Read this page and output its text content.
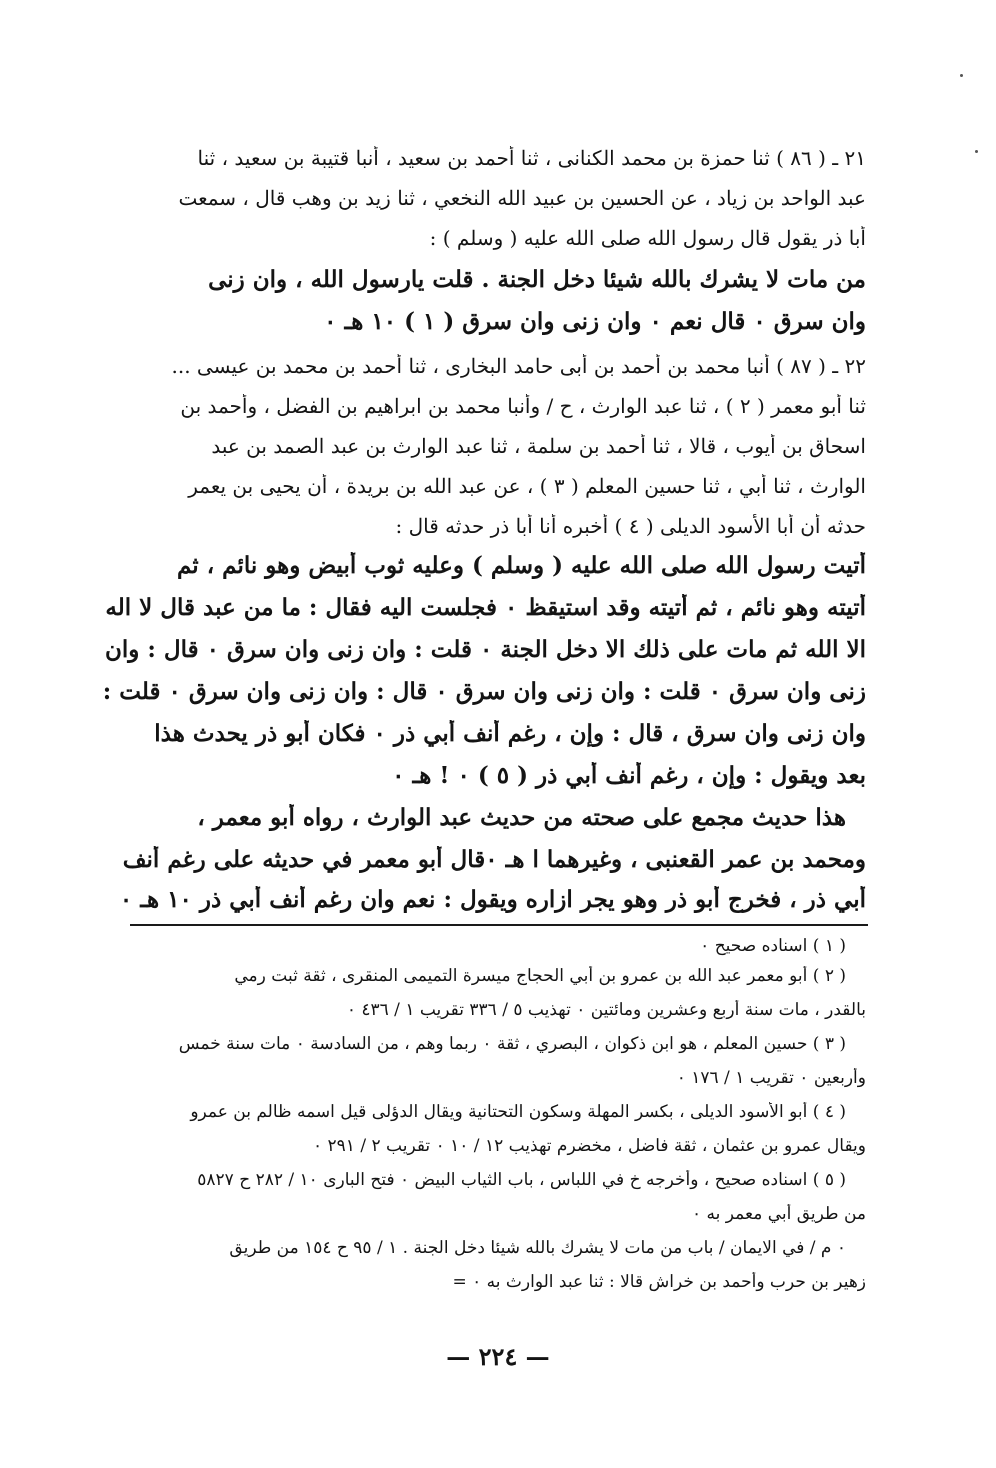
٢١ ـ ( ٨٦ ) ثنا حمزة بن محمد الكنانى ، ثنا أحمد بن سعيد ، أنبا قتيبة بن سعيد ، ثنا
عبد الواحد بن زياد ، عن الحسين بن عبيد الله النخعي ، ثنا زيد بن وهب قال ، سمعت
أبا ذر يقول قال رسول الله صلى الله عليه ( وسلم ) :
من مات لا يشرك بالله شيئا دخل الجنة . قلت يارسول الله ، وان زنى
وان سرق ٠ قال نعم ٠ وان زنى وان سرق ( ١ ) ١٠ هـ ٠
٢٢ ـ ( ٨٧ ) أنبا محمد بن أحمد بن أبى حامد البخارى ، ثنا أحمد بن محمد بن عيسى ...
ثنا أبو معمر ( ٢ ) ، ثنا عبد الوارث ، ح / وأنبا محمد بن ابراهيم بن الفضل ، وأحمد بن
اسحاق بن أيوب ، قالا ، ثنا أحمد بن سلمة ، ثنا عبد الوارث بن عبد الصمد بن عبد
الوارث ، ثنا أبي ، ثنا حسين المعلم ( ٣ ) ، عن عبد الله بن بريدة ، أن يحيى بن يعمر
حدثه أن أبا الأسود الديلى ( ٤ ) أخبره أنا أبا ذر حدثه قال :
أتيت رسول الله صلى الله عليه ( وسلم ) وعليه ثوب أبيض وهو نائم ، ثم
أتيته وهو نائم ، ثم أتيته وقد استيقظ ٠ فجلست اليه فقال : ما من عبد قال لا اله
الا الله ثم مات على ذلك الا دخل الجنة ٠ قلت : وان زنى وان سرق ٠ قال : وان
زنى وان سرق ٠ قلت : وان زنى وان سرق ٠ قال : وان زنى وان سرق ٠ قلت :
وان زنى وان سرق ، قال : وإن ، رغم أنف أبي ذر ٠ فكان أبو ذر يحدث هذا
بعد ويقول : وإن ، رغم أنف أبي ذر ( ٥ ) ٠ ! هـ ٠
هذا حديث مجمع على صحته من حديث عبد الوارث ، رواه أبو معمر ،
ومحمد بن عمر القعنبى ، وغيرهما ا هـ ٠قال أبو معمر في حديثه على رغم أنف
أبي ذر ، فخرج أبو ذر وهو يجر ازاره ويقول : نعم وان رغم أنف أبي ذر ١٠ هـ ٠
( ١ ) اسناده صحيح ٠
( ٢ ) أبو معمر عبد الله بن عمرو بن أبي الحجاج ميسرة التميمى المنقرى ، ثقة ثبت رمي
بالقدر ، مات سنة أربع وعشرين ومائتين ٠ تهذيب ٥ / ٣٣٦ تقريب ١ / ٤٣٦ ٠
( ٣ ) حسين المعلم ، هو ابن ذكوان ، البصري ، ثقة ٠ ربما وهم ، من السادسة ٠ مات سنة خمس
وأربعين ٠ تقريب ١ / ١٧٦ ٠
( ٤ ) أبو الأسود الديلى ، بكسر المهلة وسكون التحتانية ويقال الدؤلى قيل اسمه ظالم بن عمرو
ويقال عمرو بن عثمان ، ثقة فاضل ، مخضرم تهذيب ١٢ / ١٠ ٠ تقريب ٢ / ٢٩١ ٠
( ٥ ) اسناده صحيح ، وأخرجه خ في اللباس ، باب الثياب البيض ٠ فتح البارى ١٠ / ٢٨٢ ح ٥٨٢٧
من طريق أبي معمر به ٠
٠ م / في الايمان / باب من مات لا يشرك بالله شيئا دخل الجنة . ١ / ٩٥ ح ١٥٤ من طريق
زهير بن حرب وأحمد بن خراش قالا : ثنا عبد الوارث به ٠ =
— ٢٢٤ —
